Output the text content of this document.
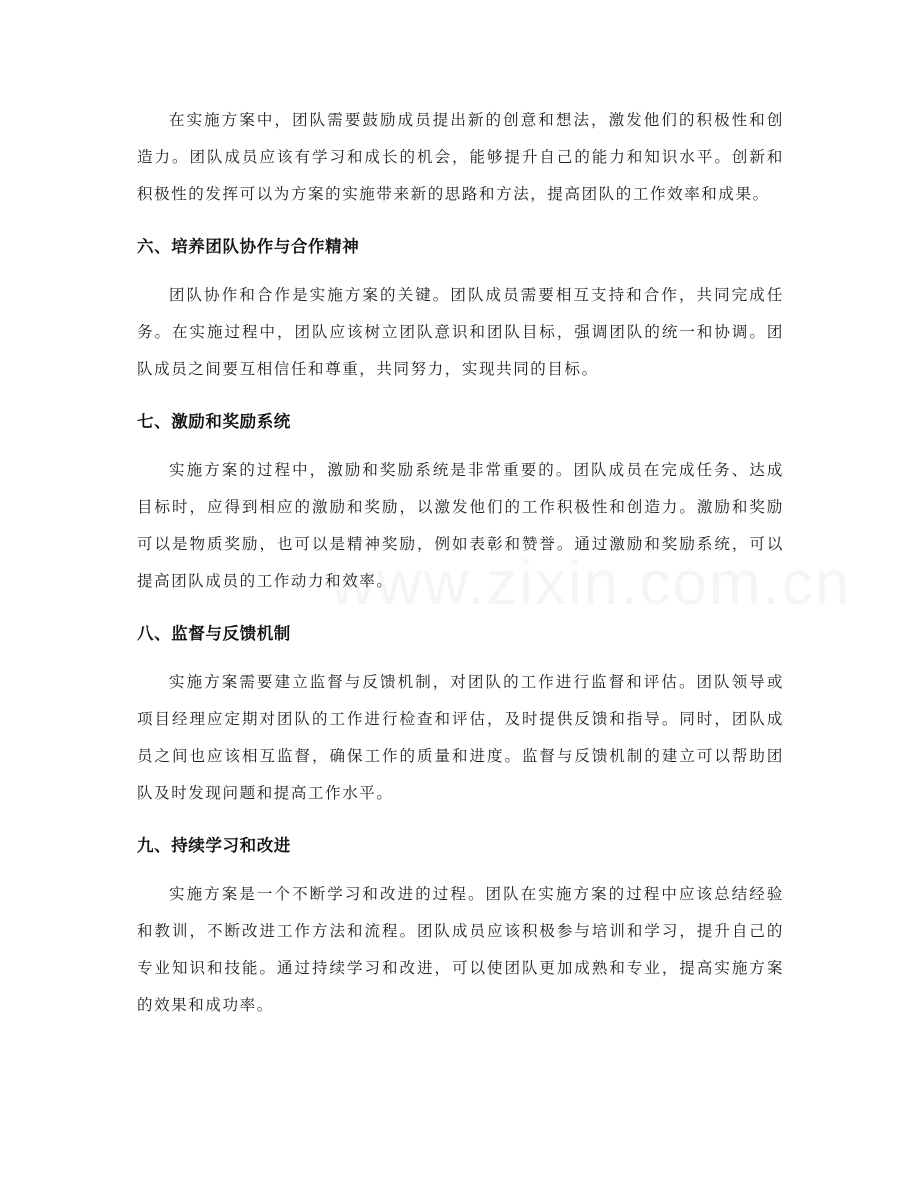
www.zixin.com.cn

在实施方案中，团队需要鼓励成员提出新的创意和想法，激发他们的积极性和创造力。团队成员应该有学习和成长的机会，能够提升自己的能力和知识水平。创新和积极性的发挥可以为方案的实施带来新的思路和方法，提高团队的工作效率和成果。

六、培养团队协作与合作精神

团队协作和合作是实施方案的关键。团队成员需要相互支持和合作，共同完成任务。在实施过程中，团队应该树立团队意识和团队目标，强调团队的统一和协调。团队成员之间要互相信任和尊重，共同努力，实现共同的目标。

七、激励和奖励系统

实施方案的过程中，激励和奖励系统是非常重要的。团队成员在完成任务、达成目标时，应得到相应的激励和奖励，以激发他们的工作积极性和创造力。激励和奖励可以是物质奖励，也可以是精神奖励，例如表彰和赞誉。通过激励和奖励系统，可以提高团队成员的工作动力和效率。

八、监督与反馈机制

实施方案需要建立监督与反馈机制，对团队的工作进行监督和评估。团队领导或项目经理应定期对团队的工作进行检查和评估，及时提供反馈和指导。同时，团队成员之间也应该相互监督，确保工作的质量和进度。监督与反馈机制的建立可以帮助团队及时发现问题和提高工作水平。

九、持续学习和改进

实施方案是一个不断学习和改进的过程。团队在实施方案的过程中应该总结经验和教训，不断改进工作方法和流程。团队成员应该积极参与培训和学习，提升自己的专业知识和技能。通过持续学习和改进，可以使团队更加成熟和专业，提高实施方案的效果和成功率。
